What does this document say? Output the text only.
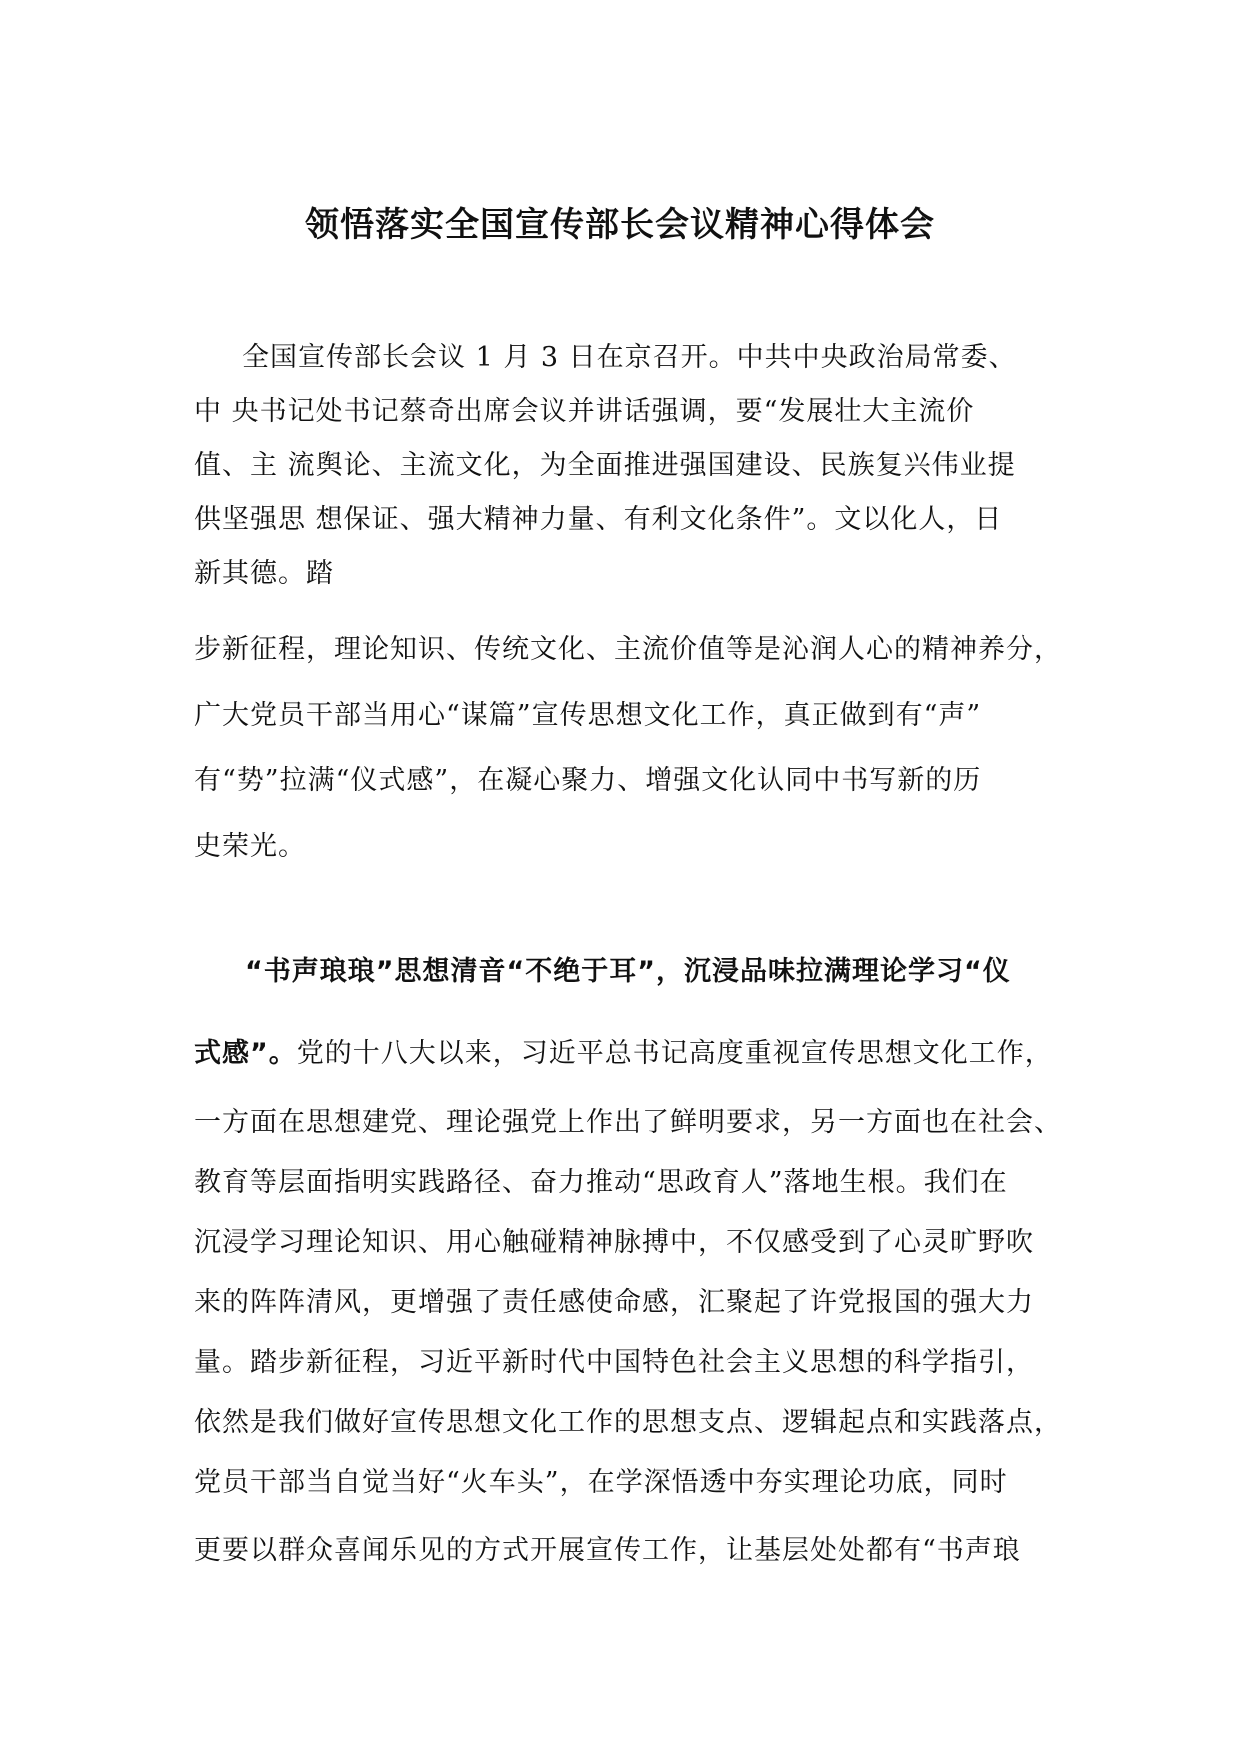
领悟落实全国宣传部长会议精神心得体会
全国宣传部长会议 1 月 3 日在京召开。中共中央政治局常委、
中 央书记处书记蔡奇出席会议并讲话强调，要“发展壮大主流价
值、主 流舆论、主流文化，为全面推进强国建设、民族复兴伟业提
供坚强思 想保证、强大精神力量、有利文化条件”。文以化人，日
新其德。踏
步新征程，理论知识、传统文化、主流价值等是沁润人心的精神养分，
广大党员干部当用心“谋篇”宣传思想文化工作，真正做到有“声”
有“势”拉满“仪式感”，在凝心聚力、增强文化认同中书写新的历
史荣光。
“书声琅琅”思想清音“不绝于耳”，沉浸品味拉满理论学习“仪
式感”。党的十八大以来，习近平总书记高度重视宣传思想文化工作，
一方面在思想建党、理论强党上作出了鲜明要求，另一方面也在社会、
教育等层面指明实践路径、奋力推动“思政育人”落地生根。我们在
沉浸学习理论知识、用心触碰精神脉搏中，不仅感受到了心灵旷野吹
来的阵阵清风，更增强了责任感使命感，汇聚起了许党报国的强大力
量。踏步新征程，习近平新时代中国特色社会主义思想的科学指引，
依然是我们做好宣传思想文化工作的思想支点、逻辑起点和实践落点，
党员干部当自觉当好“火车头”，在学深悟透中夯实理论功底，同时
更要以群众喜闻乐见的方式开展宣传工作，让基层处处都有“书声琅
